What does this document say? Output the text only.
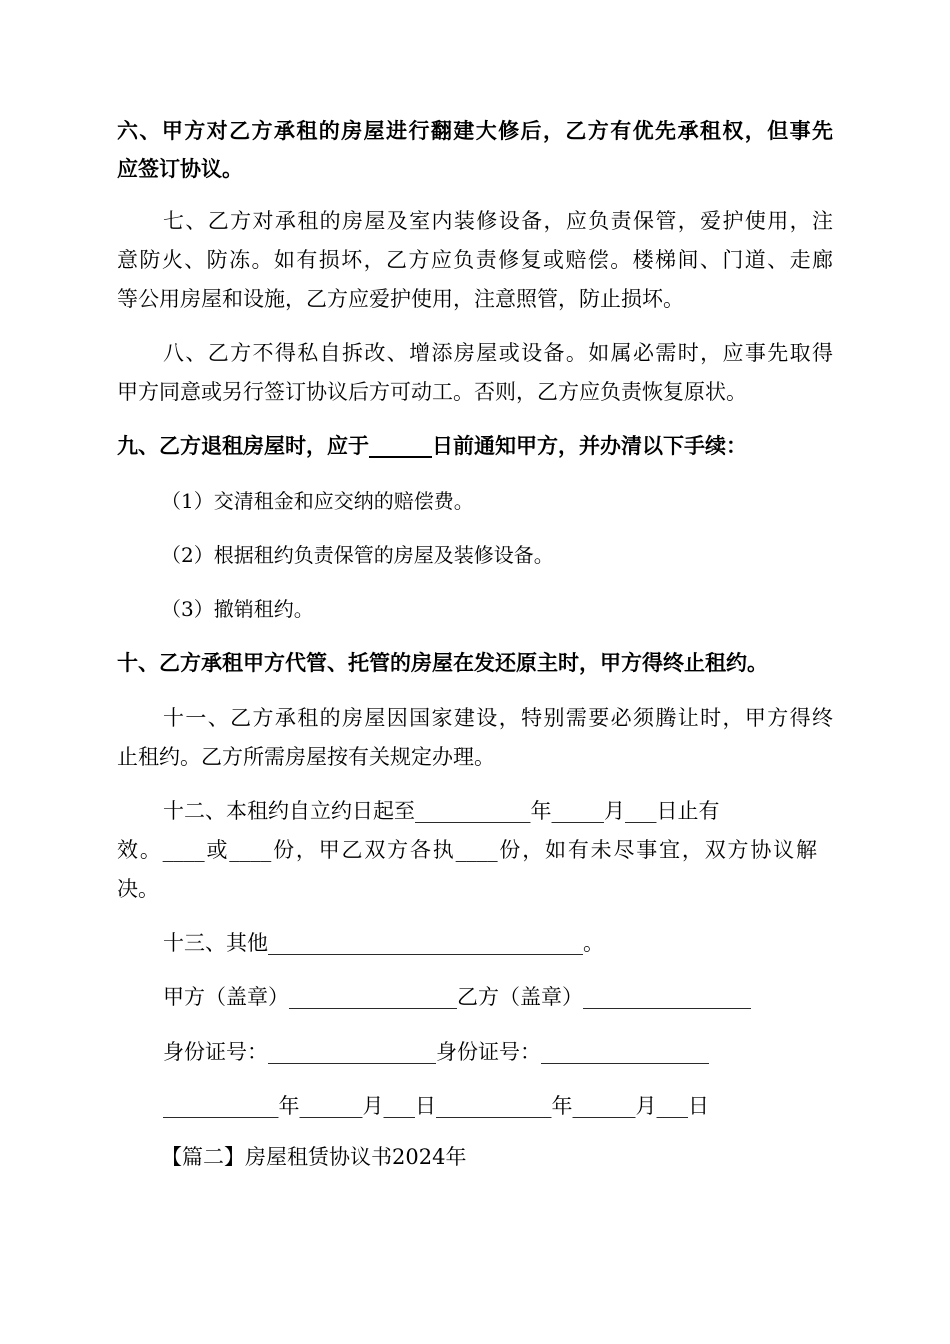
六、甲方对乙方承租的房屋进行翻建大修后，乙方有优先承租权，但事先
应签订协议。
七、乙方对承租的房屋及室内装修设备，应负责保管，爱护使用，注
意防火、防冻。如有损坏，乙方应负责修复或赔偿。楼梯间、门道、走廊
等公用房屋和设施，乙方应爱护使用，注意照管，防止损坏。
八、乙方不得私自拆改、增添房屋或设备。如属必需时，应事先取得
甲方同意或另行签订协议后方可动工。否则，乙方应负责恢复原状。
九、乙方退租房屋时，应于______日前通知甲方，并办清以下手续：
（1）交清租金和应交纳的赔偿费。
（2）根据租约负责保管的房屋及装修设备。
（3）撤销租约。
十、乙方承租甲方代管、托管的房屋在发还原主时，甲方得终止租约。
十一、乙方承租的房屋因国家建设，特别需要必须腾让时，甲方得终
止租约。乙方所需房屋按有关规定办理。
十二、本租约自立约日起至___________年_____月___日止有
效。____或____份，甲乙双方各执____份，如有未尽事宜，双方协议解
决。
十三、其他______________________________。
甲方（盖章）________________乙方（盖章）________________
身份证号：________________身份证号：________________
___________年______月___日___________年______月___日
【篇二】房屋租赁协议书2024年
